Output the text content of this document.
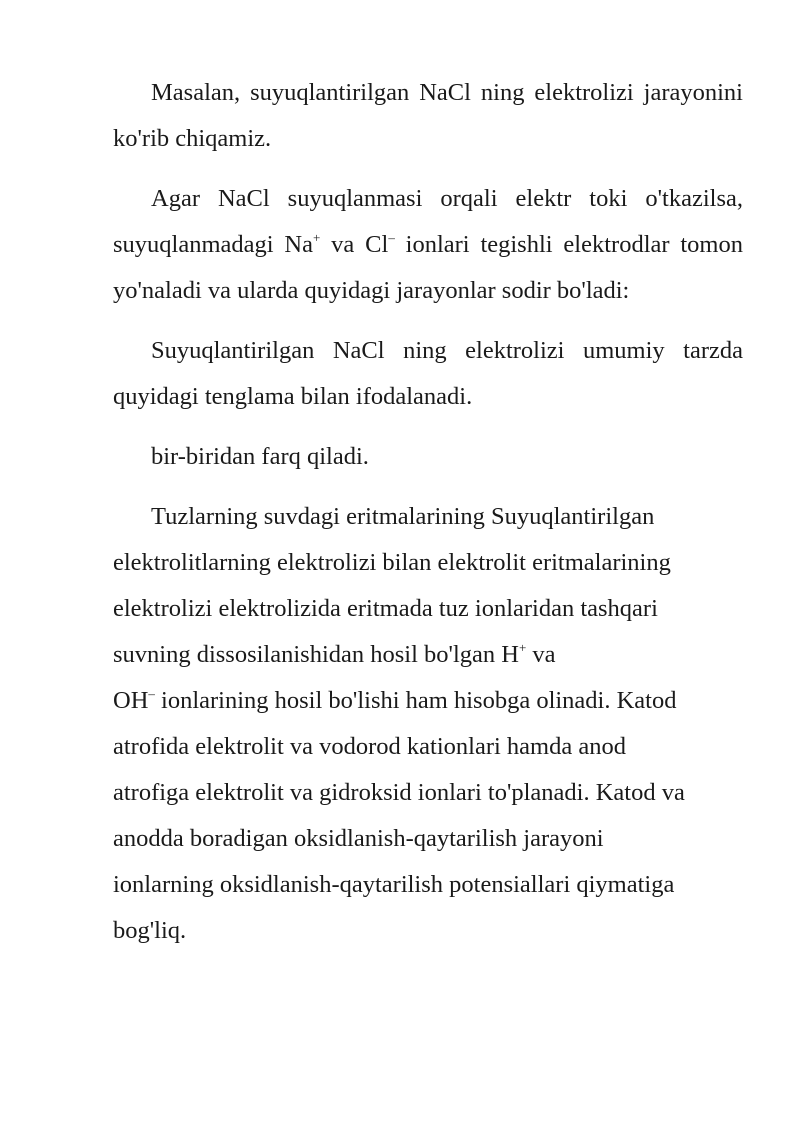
Masalan, suyuqlantirilgan NaCl ning elektrolizi jarayonini ko'rib chiqamiz.

Agar NaCl suyuqlanmasi orqali elektr toki o'tkazilsa, suyuqlanmadagi Na+ va Cl– ionlari tegishli elektrodlar tomon yo'naladi va ularda quyidagi jarayonlar sodir bo'ladi:

Suyuqlantirilgan NaCl ning elektrolizi umumiy tarzda quyidagi tenglama bilan ifodalanadi.

bir-biridan farq qiladi.

Tuzlarning suvdagi eritmalarining Suyuqlantirilgan
elektrolitlarning elektrolizi bilan elektrolit eritmalarining
elektrolizi elektrolizida eritmada tuz ionlaridan tashqari
suvning dissosilanishidan hosil bo'lgan H+ va
OH– ionlarining hosil bo'lishi ham hisobga olinadi. Katod
atrofida elektrolit va vodorod kationlari hamda anod
atrofiga elektrolit va gidroksid ionlari to'planadi. Katod va
anodda boradigan oksidlanish-qaytarilish jarayoni
ionlarning oksidlanish-qaytarilish potensiallari qiymatiga
bog'liq.
